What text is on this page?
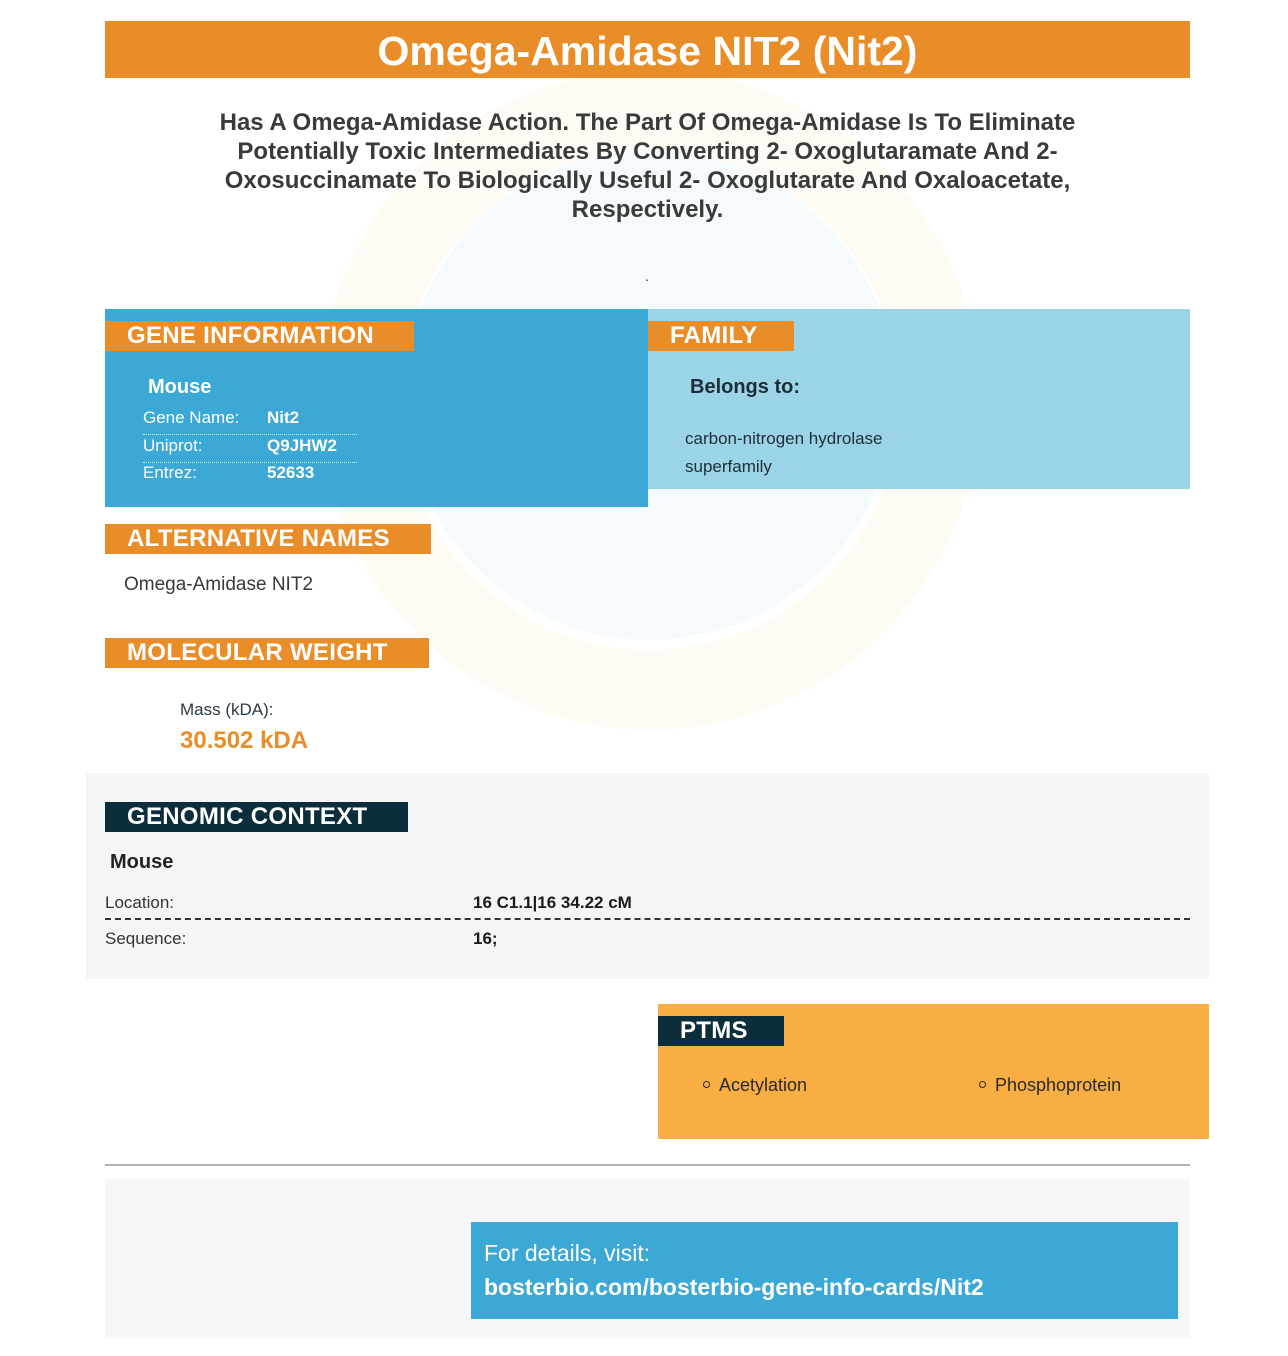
Omega-Amidase NIT2 (Nit2)
Has A Omega-Amidase Action. The Part Of Omega-Amidase Is To Eliminate Potentially Toxic Intermediates By Converting 2- Oxoglutaramate And 2- Oxosuccinamate To Biologically Useful 2- Oxoglutarate And Oxaloacetate, Respectively.
.
GENE INFORMATION
Mouse
Gene Name: Nit2
Uniprot:	Q9JHW2
Entrez:	52633
FAMILY
Belongs to:
carbon-nitrogen hydrolase superfamily
ALTERNATIVE NAMES
Omega-Amidase NIT2
MOLECULAR WEIGHT
Mass (kDA):
30.502 kDA
GENOMIC CONTEXT
Mouse
Location:	16 C1.1|16 34.22 cM
Sequence:	16;
PTMS
Acetylation	Phosphoprotein
For details, visit:
bosterbio.com/bosterbio-gene-info-cards/Nit2
